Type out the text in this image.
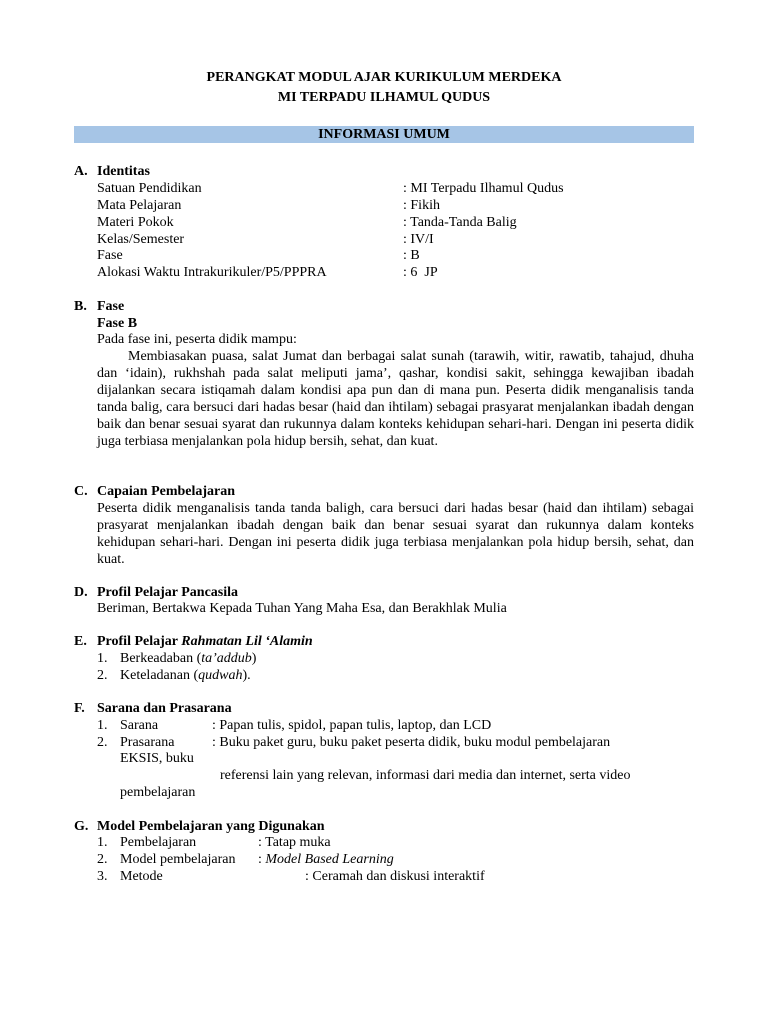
PERANGKAT MODUL AJAR KURIKULUM MERDEKA
MI TERPADU ILHAMUL QUDUS
INFORMASI UMUM
A. Identitas
Satuan Pendidikan	: MI Terpadu Ilhamul Qudus
Mata Pelajaran	: Fikih
Materi Pokok	: Tanda-Tanda Balig
Kelas/Semester	: IV/I
Fase	: B
Alokasi Waktu Intrakurikuler/P5/PPPRA	: 6  JP
B. Fase
Fase B
Pada fase ini, peserta didik mampu:
Membiasakan puasa, salat Jumat dan berbagai salat sunah (tarawih, witir, rawatib, tahajud, dhuha dan ‘idain), rukhshah pada salat meliputi jama’, qashar, kondisi sakit, sehingga kewajiban ibadah dijalankan secara istiqamah dalam kondisi apa pun dan di mana pun. Peserta didik menganalisis tanda tanda balig, cara bersuci dari hadas besar (haid dan ihtilam) sebagai prasyarat menjalankan ibadah dengan baik dan benar sesuai syarat dan rukunnya dalam konteks kehidupan sehari-hari. Dengan ini peserta didik juga terbiasa menjalankan pola hidup bersih, sehat, dan kuat.
C. Capaian Pembelajaran
Peserta didik menganalisis tanda tanda baligh, cara bersuci dari hadas besar (haid dan ihtilam) sebagai prasyarat menjalankan ibadah dengan baik dan benar sesuai syarat dan rukunnya dalam konteks kehidupan sehari-hari. Dengan ini peserta didik juga terbiasa menjalankan pola hidup bersih, sehat, dan kuat.
D. Profil Pelajar Pancasila
Beriman, Bertakwa Kepada Tuhan Yang Maha Esa, dan Berakhlak Mulia
E. Profil Pelajar Rahmatan Lil ‘Alamin
1. Berkeadaban (ta’addub)
2. Keteladanan (qudwah).
F. Sarana dan Prasarana
1. Sarana	: Papan tulis, spidol, papan tulis, laptop, dan LCD
2. Prasarana	: Buku paket guru, buku paket peserta didik, buku modul pembelajaran
EKSIS, buku
referensi lain yang relevan, informasi dari media dan internet, serta video
pembelajaran
G. Model Pembelajaran yang Digunakan
1. Pembelajaran	: Tatap muka
2. Model pembelajaran : Model Based Learning
3. Metode	: Ceramah dan diskusi interaktif
